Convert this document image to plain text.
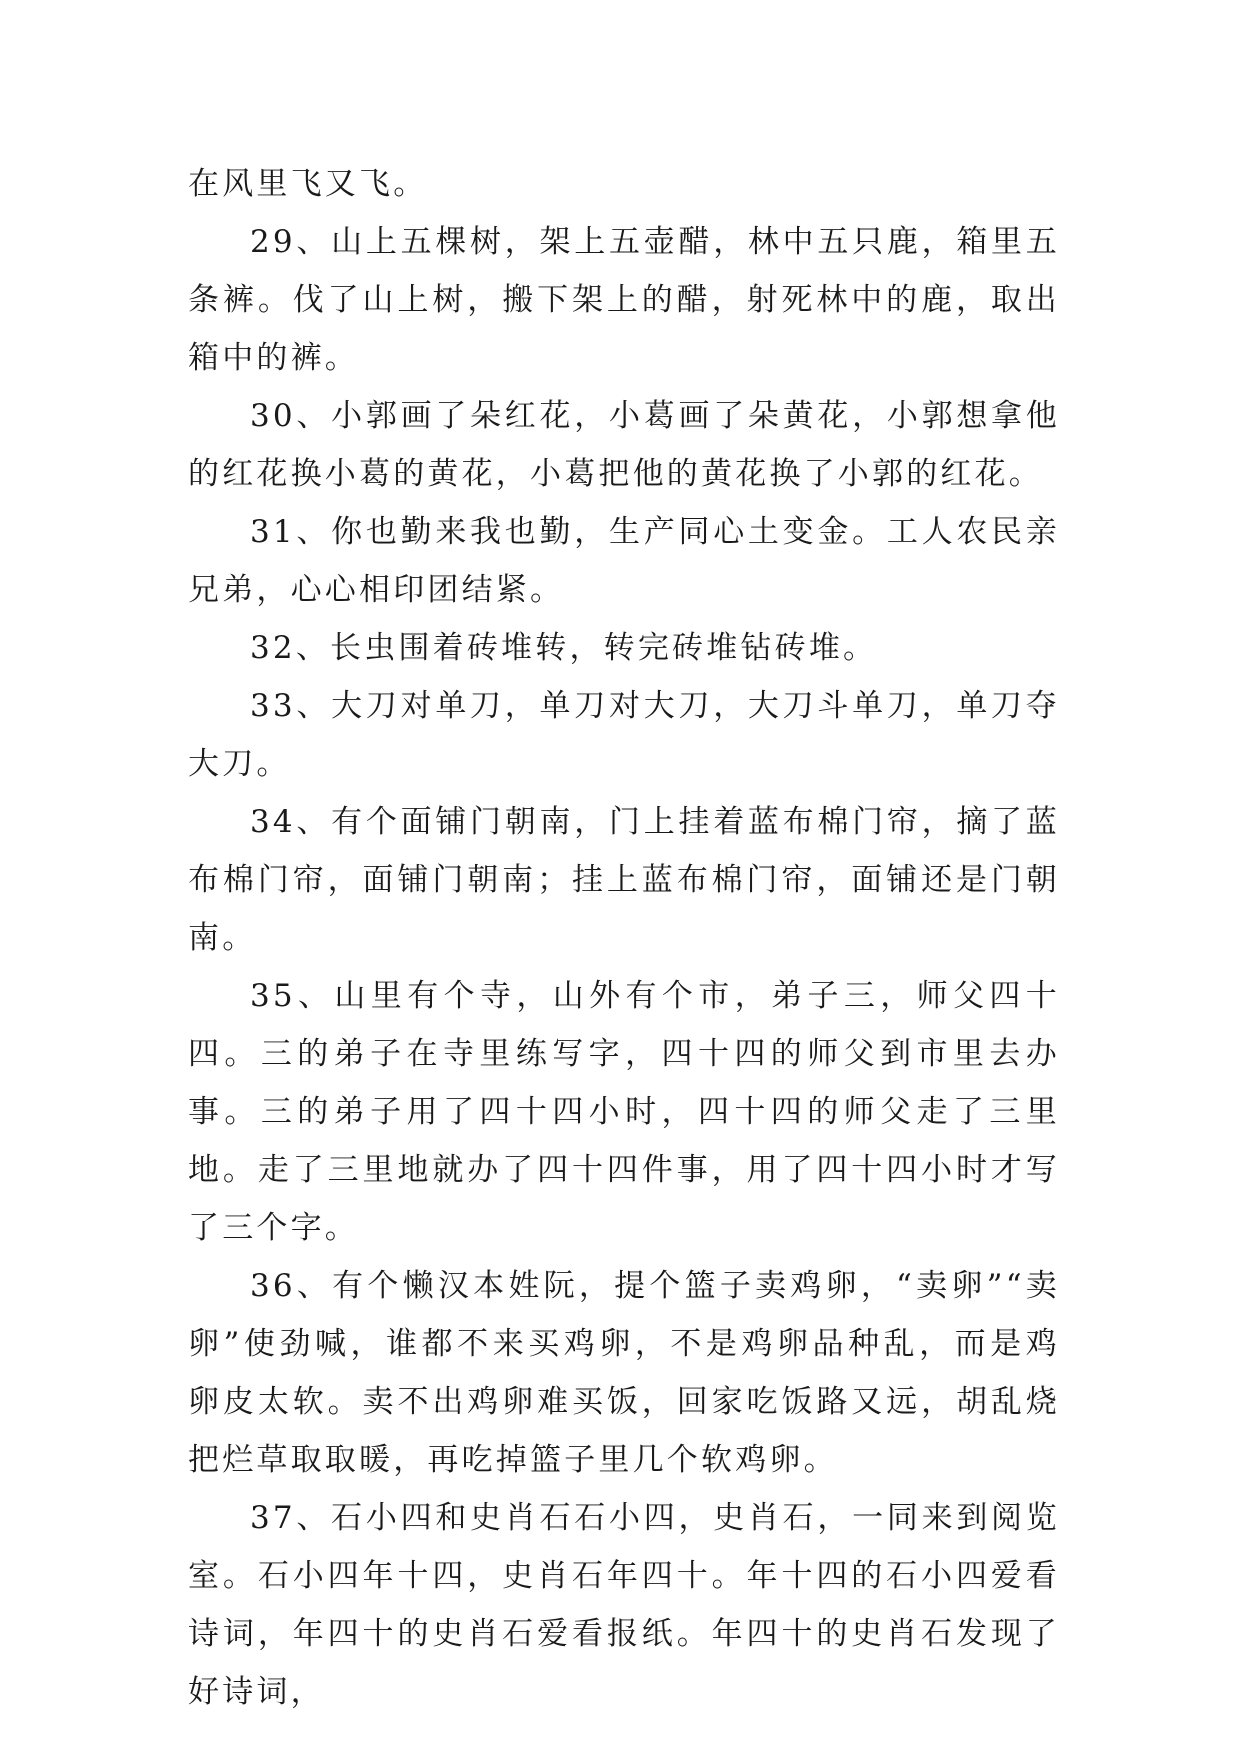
在风里飞又飞。

29、山上五棵树，架上五壶醋，林中五只鹿，箱里五条裤。伐了山上树，搬下架上的醋，射死林中的鹿，取出箱中的裤。

30、小郭画了朵红花，小葛画了朵黄花，小郭想拿他的红花换小葛的黄花，小葛把他的黄花换了小郭的红花。

31、你也勤来我也勤，生产同心土变金。工人农民亲兄弟，心心相印团结紧。

32、长虫围着砖堆转，转完砖堆钻砖堆。

33、大刀对单刀，单刀对大刀，大刀斗单刀，单刀夺大刀。

34、有个面铺门朝南，门上挂着蓝布棉门帘，摘了蓝布棉门帘，面铺门朝南；挂上蓝布棉门帘，面铺还是门朝南。

35、山里有个寺，山外有个市，弟子三，师父四十四。三的弟子在寺里练写字，四十四的师父到市里去办事。三的弟子用了四十四小时，四十四的师父走了三里地。走了三里地就办了四十四件事，用了四十四小时才写了三个字。

36、有个懒汉本姓阮，提个篮子卖鸡卵，“卖卵”“卖卵”使劲喊，谁都不来买鸡卵，不是鸡卵品种乱，而是鸡卵皮太软。卖不出鸡卵难买饭，回家吃饭路又远，胡乱烧把烂草取取暖，再吃掉篮子里几个软鸡卵。

37、石小四和史肖石石小四，史肖石，一同来到阅览室。石小四年十四，史肖石年四十。年十四的石小四爱看诗词，年四十的史肖石爱看报纸。年四十的史肖石发现了好诗词，
